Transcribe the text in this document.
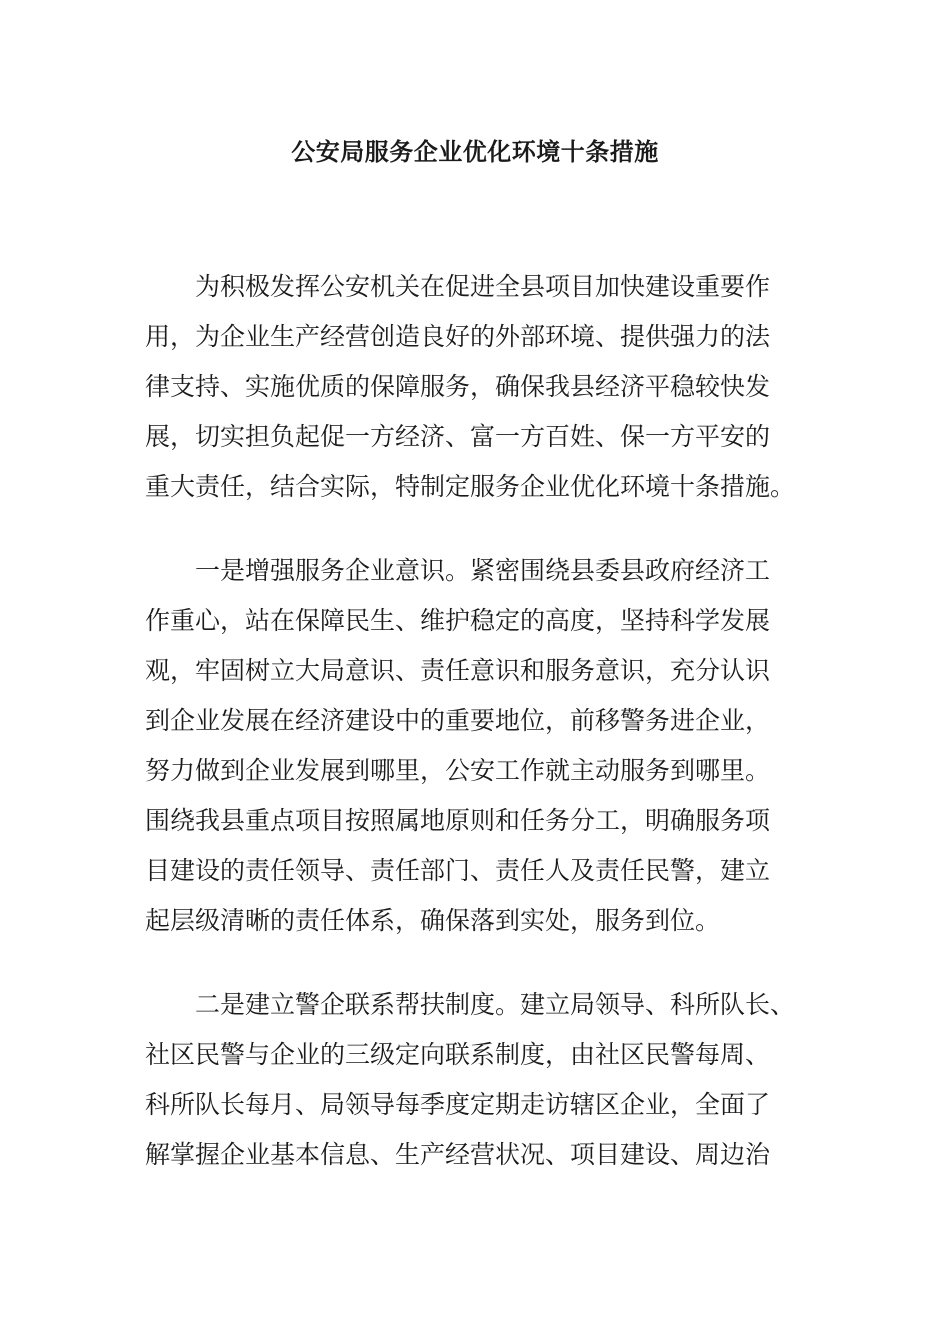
公安局服务企业优化环境十条措施
为积极发挥公安机关在促进全县项目加快建设重要作
用，为企业生产经营创造良好的外部环境、提供强力的法
律支持、实施优质的保障服务，确保我县经济平稳较快发
展，切实担负起促一方经济、富一方百姓、保一方平安的
重大责任，结合实际，特制定服务企业优化环境十条措施。
一是增强服务企业意识。紧密围绕县委县政府经济工
作重心，站在保障民生、维护稳定的高度，坚持科学发展
观，牢固树立大局意识、责任意识和服务意识，充分认识
到企业发展在经济建设中的重要地位，前移警务进企业，
努力做到企业发展到哪里，公安工作就主动服务到哪里。
围绕我县重点项目按照属地原则和任务分工，明确服务项
目建设的责任领导、责任部门、责任人及责任民警，建立
起层级清晰的责任体系，确保落到实处，服务到位。
二是建立警企联系帮扶制度。建立局领导、科所队长、
社区民警与企业的三级定向联系制度，由社区民警每周、
科所队长每月、局领导每季度定期走访辖区企业，全面了
解掌握企业基本信息、生产经营状况、项目建设、周边治
